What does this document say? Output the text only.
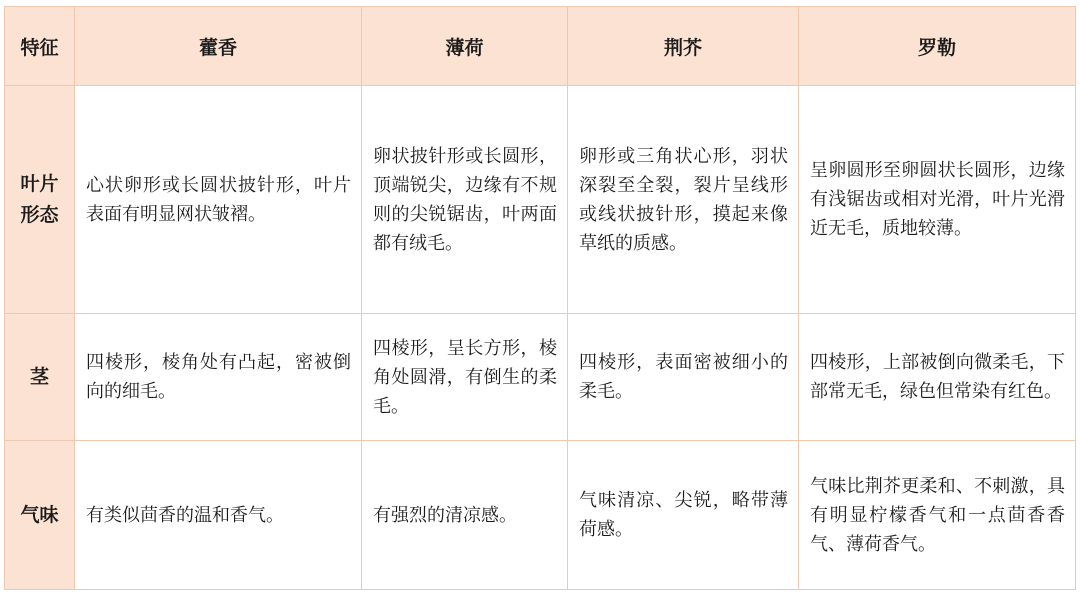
特征	藿香	薄荷	荆芥	罗勒
叶片形态	心状卵形或长圆状披针形，叶片表面有明显网状皱褶。	卵状披针形或长圆形，顶端锐尖，边缘有不规则的尖锐锯齿，叶两面都有绒毛。	卵形或三角状心形，羽状深裂至全裂，裂片呈线形或线状披针形，摸起来像草纸的质感。	呈卵圆形至卵圆状长圆形，边缘有浅锯齿或相对光滑，叶片光滑近无毛，质地较薄。
茎	四棱形，棱角处有凸起，密被倒向的细毛。	四棱形，呈长方形，棱角处圆滑，有倒生的柔毛。	四棱形，表面密被细小的柔毛。	四棱形，上部被倒向微柔毛，下部常无毛，绿色但常染有红色。
气味	有类似茴香的温和香气。	有强烈的清凉感。	气味清凉、尖锐，略带薄荷感。	气味比荆芥更柔和、不刺激，具有明显柠檬香气和一点茴香香气、薄荷香气。
